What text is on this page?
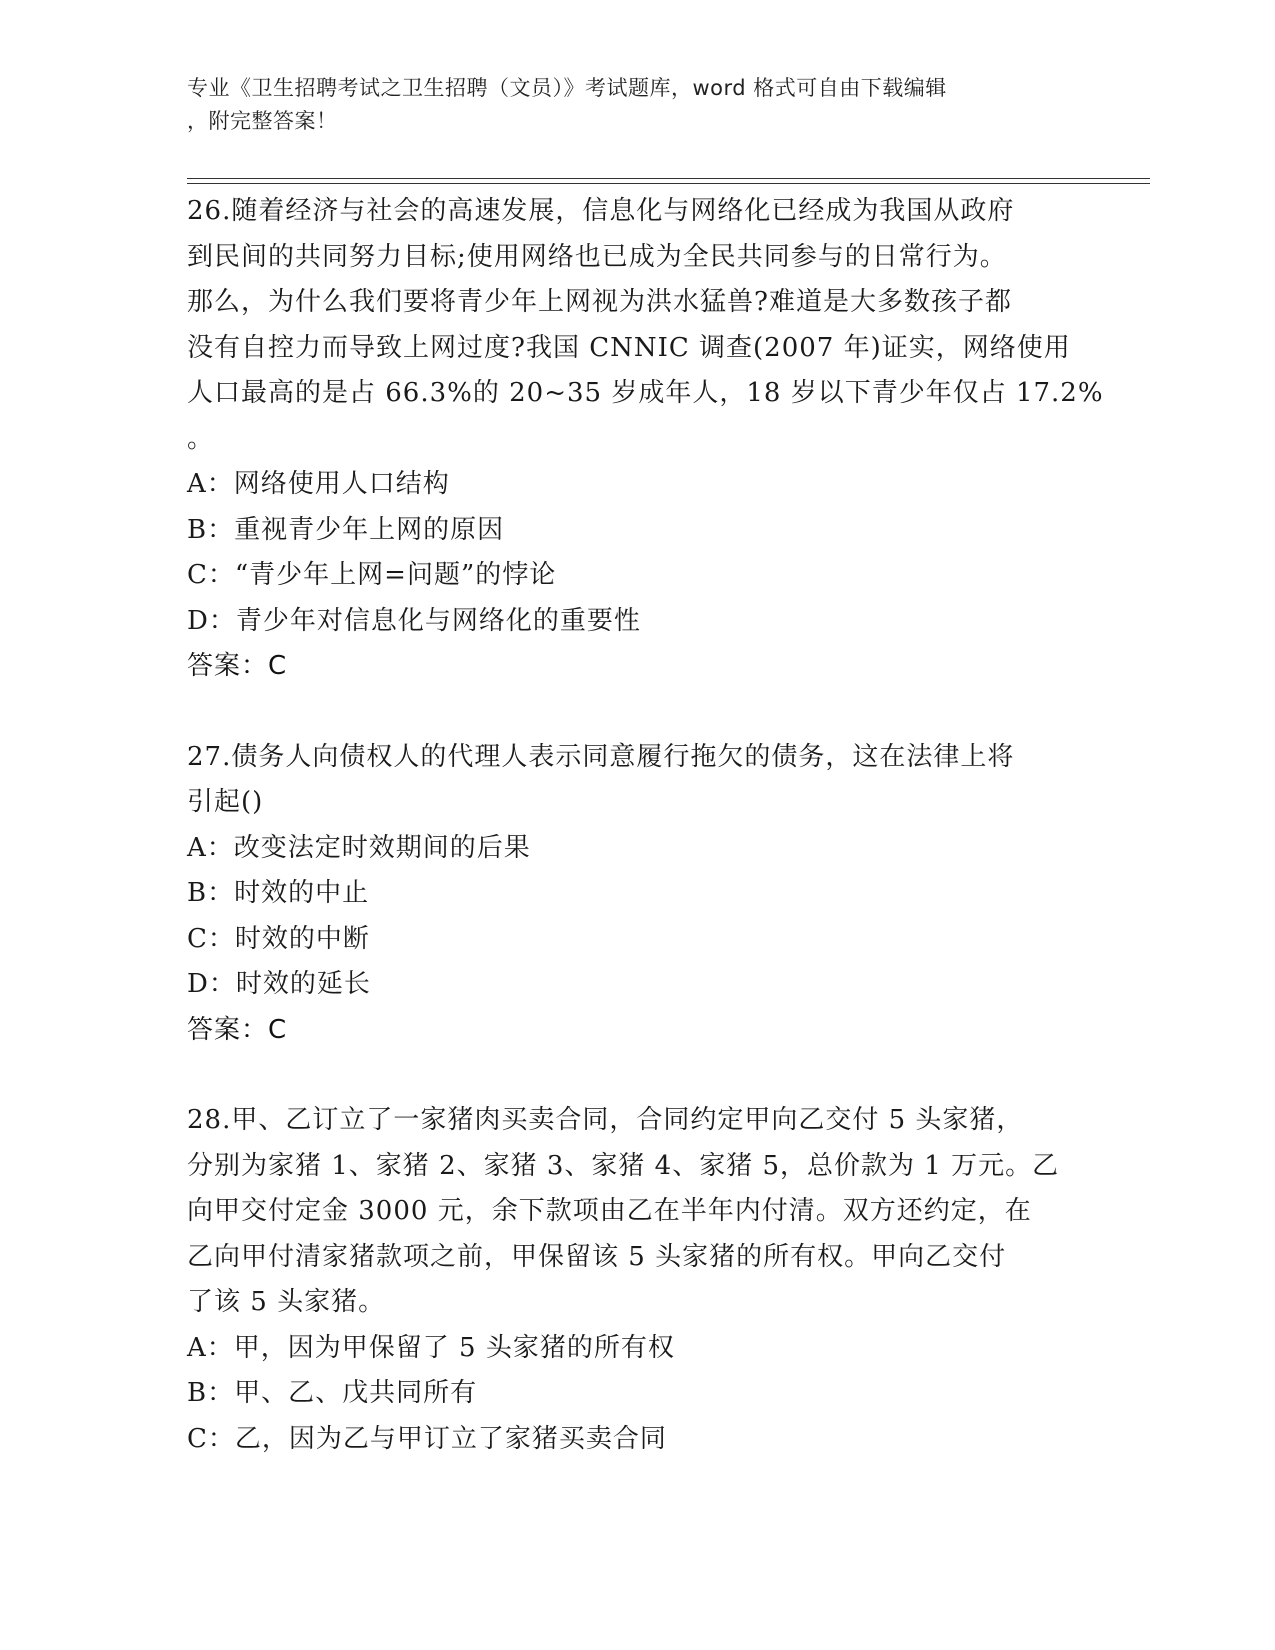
专业《卫生招聘考试之卫生招聘（文员）》考试题库，word 格式可自由下载编辑
，附完整答案！
26.随着经济与社会的高速发展，信息化与网络化已经成为我国从政府
到民间的共同努力目标;使用网络也已成为全民共同参与的日常行为。
那么，为什么我们要将青少年上网视为洪水猛兽?难道是大多数孩子都
没有自控力而导致上网过度?我国 CNNIC 调查(2007 年)证实，网络使用
人口最高的是占 66.3%的 20~35 岁成年人，18 岁以下青少年仅占 17.2%
。
A：网络使用人口结构
B：重视青少年上网的原因
C：“青少年上网=问题”的悖论
D：青少年对信息化与网络化的重要性
答案：C
27.债务人向债权人的代理人表示同意履行拖欠的债务，这在法律上将
引起()
A：改变法定时效期间的后果
B：时效的中止
C：时效的中断
D：时效的延长
答案：C
28.甲、乙订立了一家猪肉买卖合同，合同约定甲向乙交付 5 头家猪，
分别为家猪 1、家猪 2、家猪 3、家猪 4、家猪 5，总价款为 1 万元。乙
向甲交付定金 3000 元，余下款项由乙在半年内付清。双方还约定，在
乙向甲付清家猪款项之前，甲保留该 5 头家猪的所有权。甲向乙交付
了该 5 头家猪。
A：甲，因为甲保留了 5 头家猪的所有权
B：甲、乙、戊共同所有
C：乙，因为乙与甲订立了家猪买卖合同
